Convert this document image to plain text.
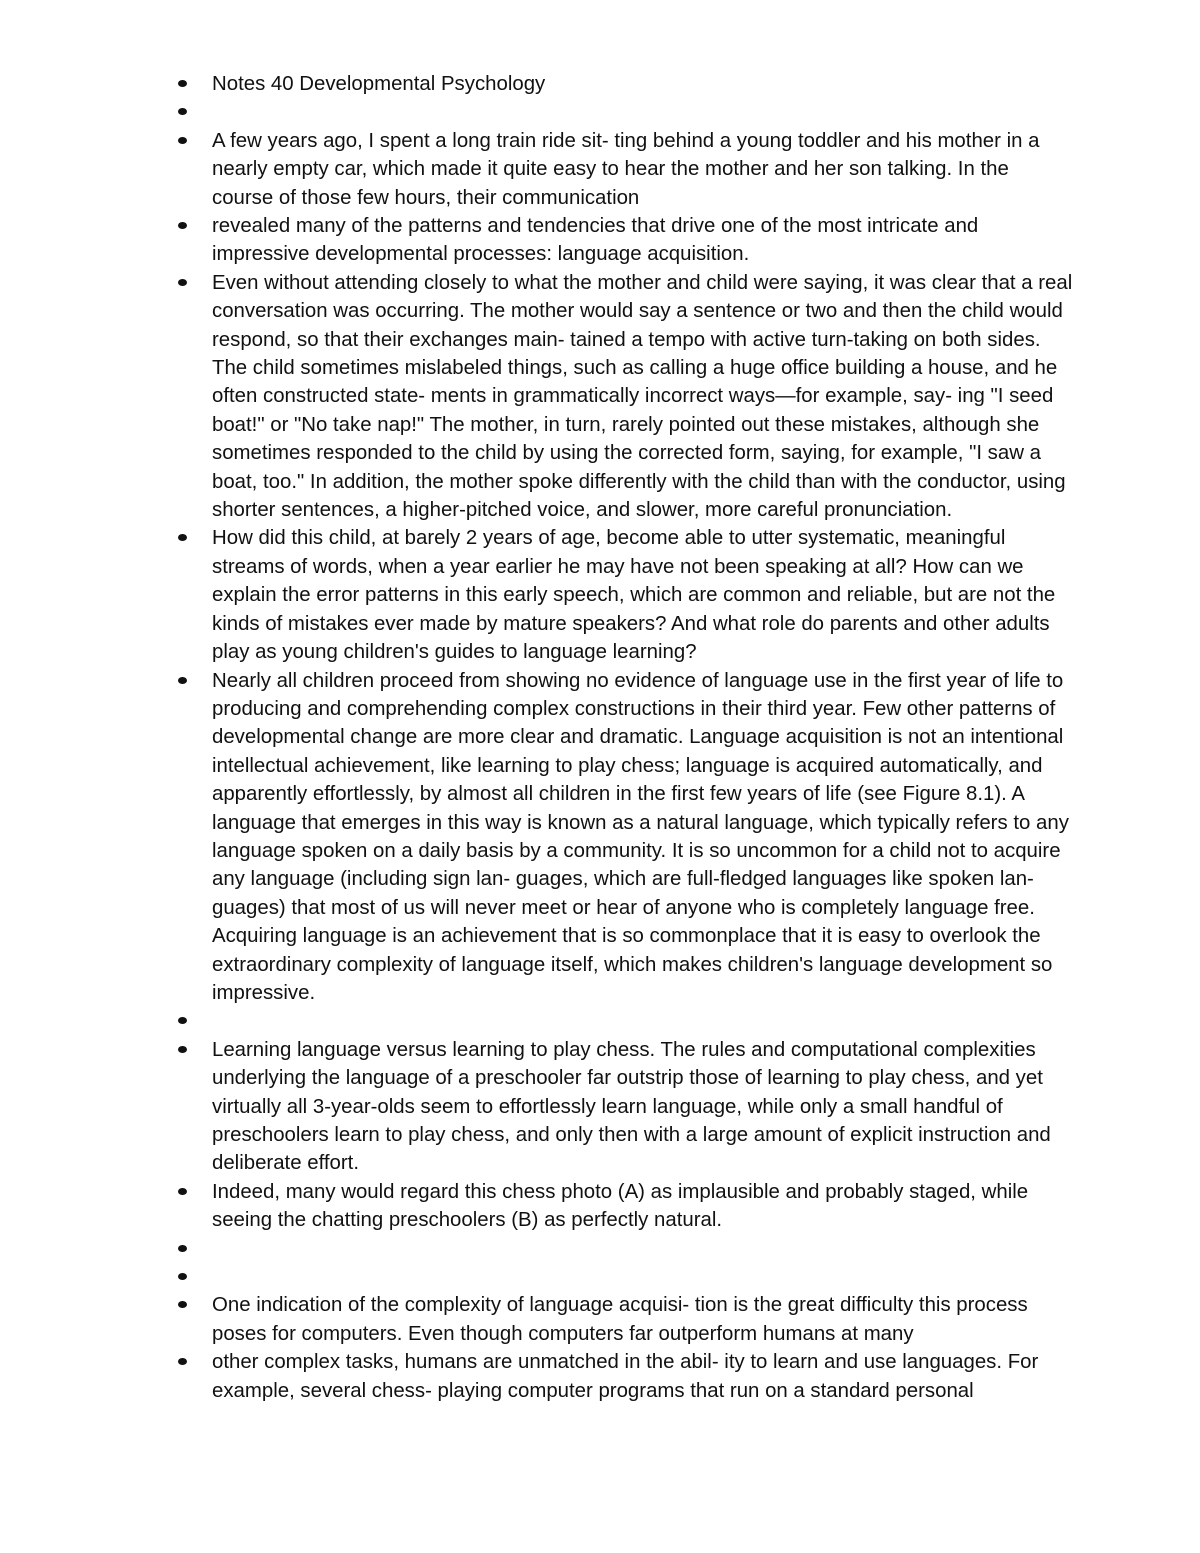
Notes 40 Developmental Psychology
A few years ago, I spent a long train ride sit- ting behind a young toddler and his mother in a nearly empty car, which made it quite easy to hear the mother and her son talking. In the course of those few hours, their communication
revealed many of the patterns and tendencies that drive one of the most intricate and impressive developmental processes: language acquisition.
Even without attending closely to what the mother and child were saying, it was clear that a real conversation was occurring. The mother would say a sentence or two and then the child would respond, so that their exchanges main- tained a tempo with active turn-taking on both sides. The child sometimes mislabeled things, such as calling a huge office building a house, and he often constructed state- ments in grammatically incorrect ways—for example, say- ing "I seed boat!" or "No take nap!" The mother, in turn, rarely pointed out these mistakes, although she sometimes responded to the child by using the corrected form, saying, for example, "I saw a boat, too." In addition, the mother spoke differently with the child than with the conductor, using shorter sentences, a higher-pitched voice, and slower, more careful pronunciation.
How did this child, at barely 2 years of age, become able to utter systematic, meaningful streams of words, when a year earlier he may have not been speaking at all? How can we explain the error patterns in this early speech, which are common and reliable, but are not the kinds of mistakes ever made by mature speakers? And what role do parents and other adults play as young children's guides to language learning?
Nearly all children proceed from showing no evidence of language use in the first year of life to producing and comprehending complex constructions in their third year. Few other patterns of developmental change are more clear and dramatic. Language acquisition is not an intentional intellectual achievement, like learning to play chess; language is acquired automatically, and apparently effortlessly, by almost all children in the first few years of life (see Figure 8.1). A language that emerges in this way is known as a natural language, which typically refers to any language spoken on a daily basis by a community. It is so uncommon for a child not to acquire any language (including sign lan- guages, which are full-fledged languages like spoken lan- guages) that most of us will never meet or hear of anyone who is completely language free. Acquiring language is an achievement that is so commonplace that it is easy to overlook the extraordinary complexity of language itself, which makes children's language development so impressive.
Learning language versus learning to play chess. The rules and computational complexities underlying the language of a preschooler far outstrip those of learning to play chess, and yet virtually all 3-year-olds seem to effortlessly learn language, while only a small handful of preschoolers learn to play chess, and only then with a large amount of explicit instruction and deliberate effort.
Indeed, many would regard this chess photo (A) as implausible and probably staged, while seeing the chatting preschoolers (B) as perfectly natural.
One indication of the complexity of language acquisi- tion is the great difficulty this process poses for computers. Even though computers far outperform humans at many
other complex tasks, humans are unmatched in the abil- ity to learn and use languages. For example, several chess- playing computer programs that run on a standard personal
